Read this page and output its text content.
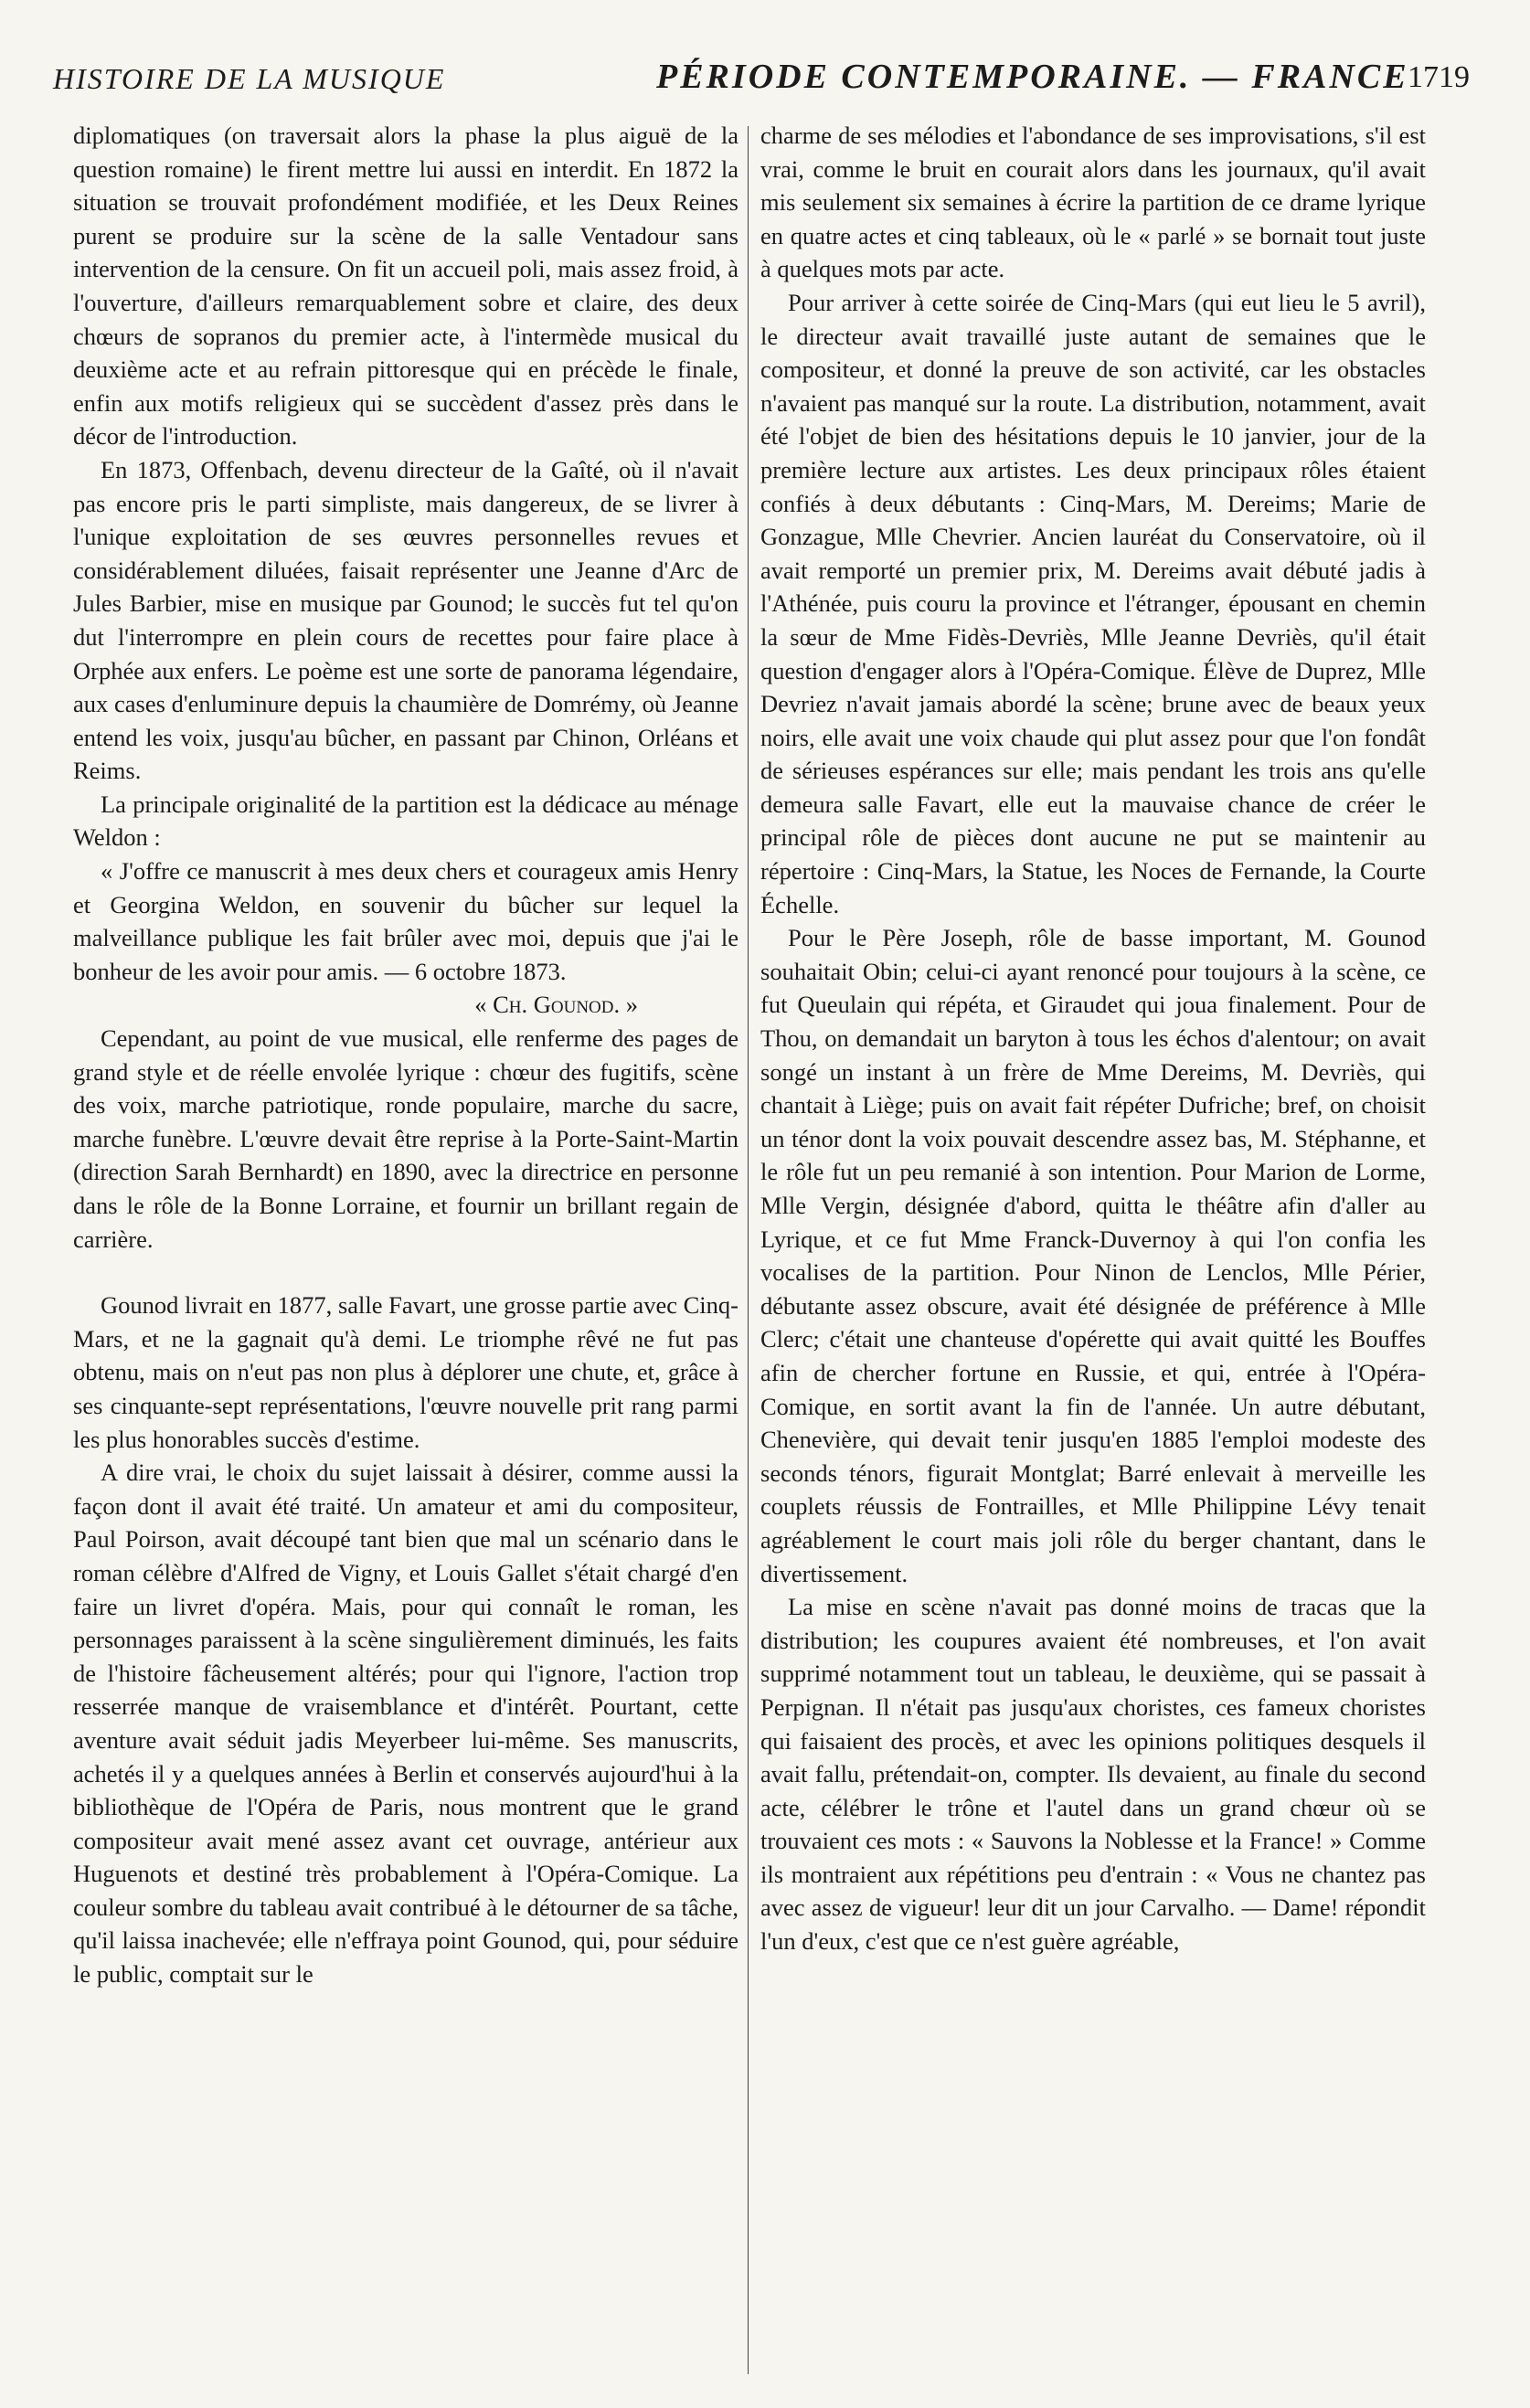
HISTOIRE DE LA MUSIQUE	PÉRIODE CONTEMPORAINE. — FRANCE
1719

diplomatiques (on traversait alors la phase la plus aiguë de la question romaine) le firent mettre lui aussi en interdit. En 1872 la situation se trouvait profondément modifiée, et les Deux Reines purent se produire sur la scène de la salle Ventadour sans intervention de la censure. On fit un accueil poli, mais assez froid, à l'ouverture, d'ailleurs remarquablement sobre et claire, des deux chœurs de sopranos du premier acte, à l'intermède musical du deuxième acte et au refrain pittoresque qui en précède le finale, enfin aux motifs religieux qui se succèdent d'assez près dans le décor de l'introduction.

En 1873, Offenbach, devenu directeur de la Gaîté, où il n'avait pas encore pris le parti simpliste, mais dangereux, de se livrer à l'unique exploitation de ses œuvres personnelles revues et considérablement diluées, faisait représenter une Jeanne d'Arc de Jules Barbier, mise en musique par Gounod; le succès fut tel qu'on dut l'interrompre en plein cours de recettes pour faire place à Orphée aux enfers. Le poème est une sorte de panorama légendaire, aux cases d'enluminure depuis la chaumière de Domrémy, où Jeanne entend les voix, jusqu'au bûcher, en passant par Chinon, Orléans et Reims.

La principale originalité de la partition est la dédicace au ménage Weldon :

« J'offre ce manuscrit à mes deux chers et courageux amis Henry et Georgina Weldon, en souvenir du bûcher sur lequel la malveillance publique les fait brûler avec moi, depuis que j'ai le bonheur de les avoir pour amis. — 6 octobre 1873.

« Ch. Gounod. »

Cependant, au point de vue musical, elle renferme des pages de grand style et de réelle envolée lyrique : chœur des fugitifs, scène des voix, marche patriotique, ronde populaire, marche du sacre, marche funèbre. L'œuvre devait être reprise à la Porte-Saint-Martin (direction Sarah Bernhardt) en 1890, avec la directrice en personne dans le rôle de la Bonne Lorraine, et fournir un brillant regain de carrière.

Gounod livrait en 1877, salle Favart, une grosse partie avec Cinq-Mars, et ne la gagnait qu'à demi. Le triomphe rêvé ne fut pas obtenu, mais on n'eut pas non plus à déplorer une chute, et, grâce à ses cinquante-sept représentations, l'œuvre nouvelle prit rang parmi les plus honorables succès d'estime.

A dire vrai, le choix du sujet laissait à désirer, comme aussi la façon dont il avait été traité. Un amateur et ami du compositeur, Paul Poirson, avait découpé tant bien que mal un scénario dans le roman célèbre d'Alfred de Vigny, et Louis Gallet s'était chargé d'en faire un livret d'opéra. Mais, pour qui connaît le roman, les personnages paraissent à la scène singulièrement diminués, les faits de l'histoire fâcheusement altérés; pour qui l'ignore, l'action trop resserrée manque de vraisemblance et d'intérêt. Pourtant, cette aventure avait séduit jadis Meyerbeer lui-même. Ses manuscrits, achetés il y a quelques années à Berlin et conservés aujourd'hui à la bibliothèque de l'Opéra de Paris, nous montrent que le grand compositeur avait mené assez avant cet ouvrage, antérieur aux Huguenots et destiné très probablement à l'Opéra-Comique. La couleur sombre du tableau avait contribué à le détourner de sa tâche, qu'il laissa inachevée; elle n'effraya point Gounod, qui, pour séduire le public, comptait sur le

charme de ses mélodies et l'abondance de ses improvisations, s'il est vrai, comme le bruit en courait alors dans les journaux, qu'il avait mis seulement six semaines à écrire la partition de ce drame lyrique en quatre actes et cinq tableaux, où le « parlé » se bornait tout juste à quelques mots par acte.

Pour arriver à cette soirée de Cinq-Mars (qui eut lieu le 5 avril), le directeur avait travaillé juste autant de semaines que le compositeur, et donné la preuve de son activité, car les obstacles n'avaient pas manqué sur la route. La distribution, notamment, avait été l'objet de bien des hésitations depuis le 10 janvier, jour de la première lecture aux artistes. Les deux principaux rôles étaient confiés à deux débutants : Cinq-Mars, M. Dereims; Marie de Gonzague, Mlle Chevrier. Ancien lauréat du Conservatoire, où il avait remporté un premier prix, M. Dereims avait débuté jadis à l'Athénée, puis couru la province et l'étranger, épousant en chemin la sœur de Mme Fidès-Devriès, Mlle Jeanne Devriès, qu'il était question d'engager alors à l'Opéra-Comique. Élève de Duprez, Mlle Devriez n'avait jamais abordé la scène; brune avec de beaux yeux noirs, elle avait une voix chaude qui plut assez pour que l'on fondât de sérieuses espérances sur elle; mais pendant les trois ans qu'elle demeura salle Favart, elle eut la mauvaise chance de créer le principal rôle de pièces dont aucune ne put se maintenir au répertoire : Cinq-Mars, la Statue, les Noces de Fernande, la Courte Échelle.

Pour le Père Joseph, rôle de basse important, M. Gounod souhaitait Obin; celui-ci ayant renoncé pour toujours à la scène, ce fut Queulain qui répéta, et Giraudet qui joua finalement. Pour de Thou, on demandait un baryton à tous les échos d'alentour; on avait songé un instant à un frère de Mme Dereims, M. Devriès, qui chantait à Liège; puis on avait fait répéter Dufriche; bref, on choisit un ténor dont la voix pouvait descendre assez bas, M. Stéphanne, et le rôle fut un peu remanié à son intention. Pour Marion de Lorme, Mlle Vergin, désignée d'abord, quitta le théâtre afin d'aller au Lyrique, et ce fut Mme Franck-Duvernoy à qui l'on confia les vocalises de la partition. Pour Ninon de Lenclos, Mlle Périer, débutante assez obscure, avait été désignée de préférence à Mlle Clerc; c'était une chanteuse d'opérette qui avait quitté les Bouffes afin de chercher fortune en Russie, et qui, entrée à l'Opéra-Comique, en sortit avant la fin de l'année. Un autre débutant, Chenevière, qui devait tenir jusqu'en 1885 l'emploi modeste des seconds ténors, figurait Montglat; Barré enlevait à merveille les couplets réussis de Fontrailles, et Mlle Philippine Lévy tenait agréablement le court mais joli rôle du berger chantant, dans le divertissement.

La mise en scène n'avait pas donné moins de tracas que la distribution; les coupures avaient été nombreuses, et l'on avait supprimé notamment tout un tableau, le deuxième, qui se passait à Perpignan. Il n'était pas jusqu'aux choristes, ces fameux choristes qui faisaient des procès, et avec les opinions politiques desquels il avait fallu, prétendait-on, compter. Ils devaient, au finale du second acte, célébrer le trône et l'autel dans un grand chœur où se trouvaient ces mots : « Sauvons la Noblesse et la France! » Comme ils montraient aux répétitions peu d'entrain : « Vous ne chantez pas avec assez de vigueur! leur dit un jour Carvalho. — Dame! répondit l'un d'eux, c'est que ce n'est guère agréable,
